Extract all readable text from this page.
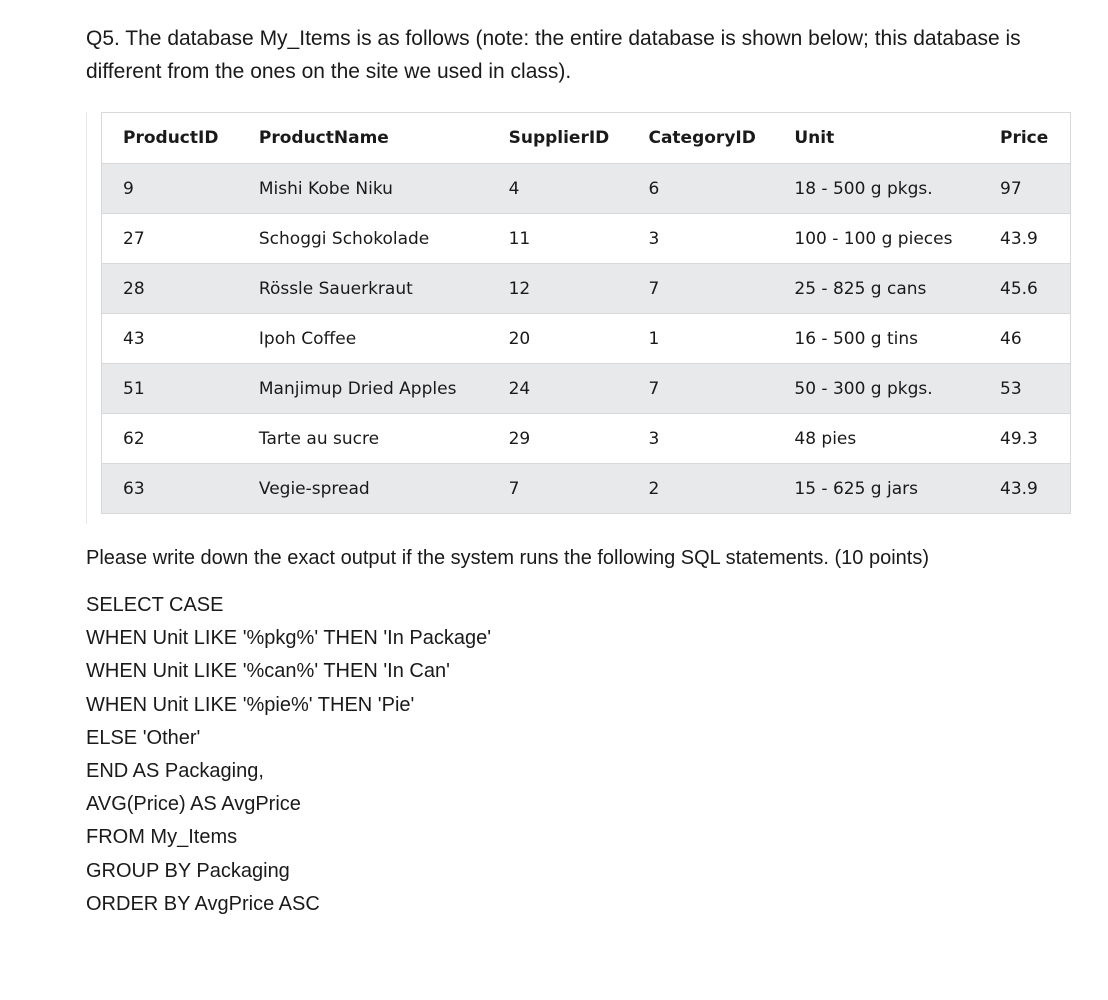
Q5. The database My_Items is as follows (note: the entire database is shown below; this database is
different from the ones on the site we used in class).

ProductID	ProductName	SupplierID	CategoryID	Unit	Price
9	Mishi Kobe Niku	4	6	18 - 500 g pkgs.	97
27	Schoggi Schokolade	11	3	100 - 100 g pieces	43.9
28	Rössle Sauerkraut	12	7	25 - 825 g cans	45.6
43	Ipoh Coffee	20	1	16 - 500 g tins	46
51	Manjimup Dried Apples	24	7	50 - 300 g pkgs.	53
62	Tarte au sucre	29	3	48 pies	49.3
63	Vegie-spread	7	2	15 - 625 g jars	43.9

Please write down the exact output if the system runs the following SQL statements. (10 points)

SELECT CASE
WHEN Unit LIKE '%pkg%' THEN 'In Package'
WHEN Unit LIKE '%can%' THEN 'In Can'
WHEN Unit LIKE '%pie%' THEN 'Pie'
ELSE 'Other'
END AS Packaging,
AVG(Price) AS AvgPrice
FROM My_Items
GROUP BY Packaging
ORDER BY AvgPrice ASC
